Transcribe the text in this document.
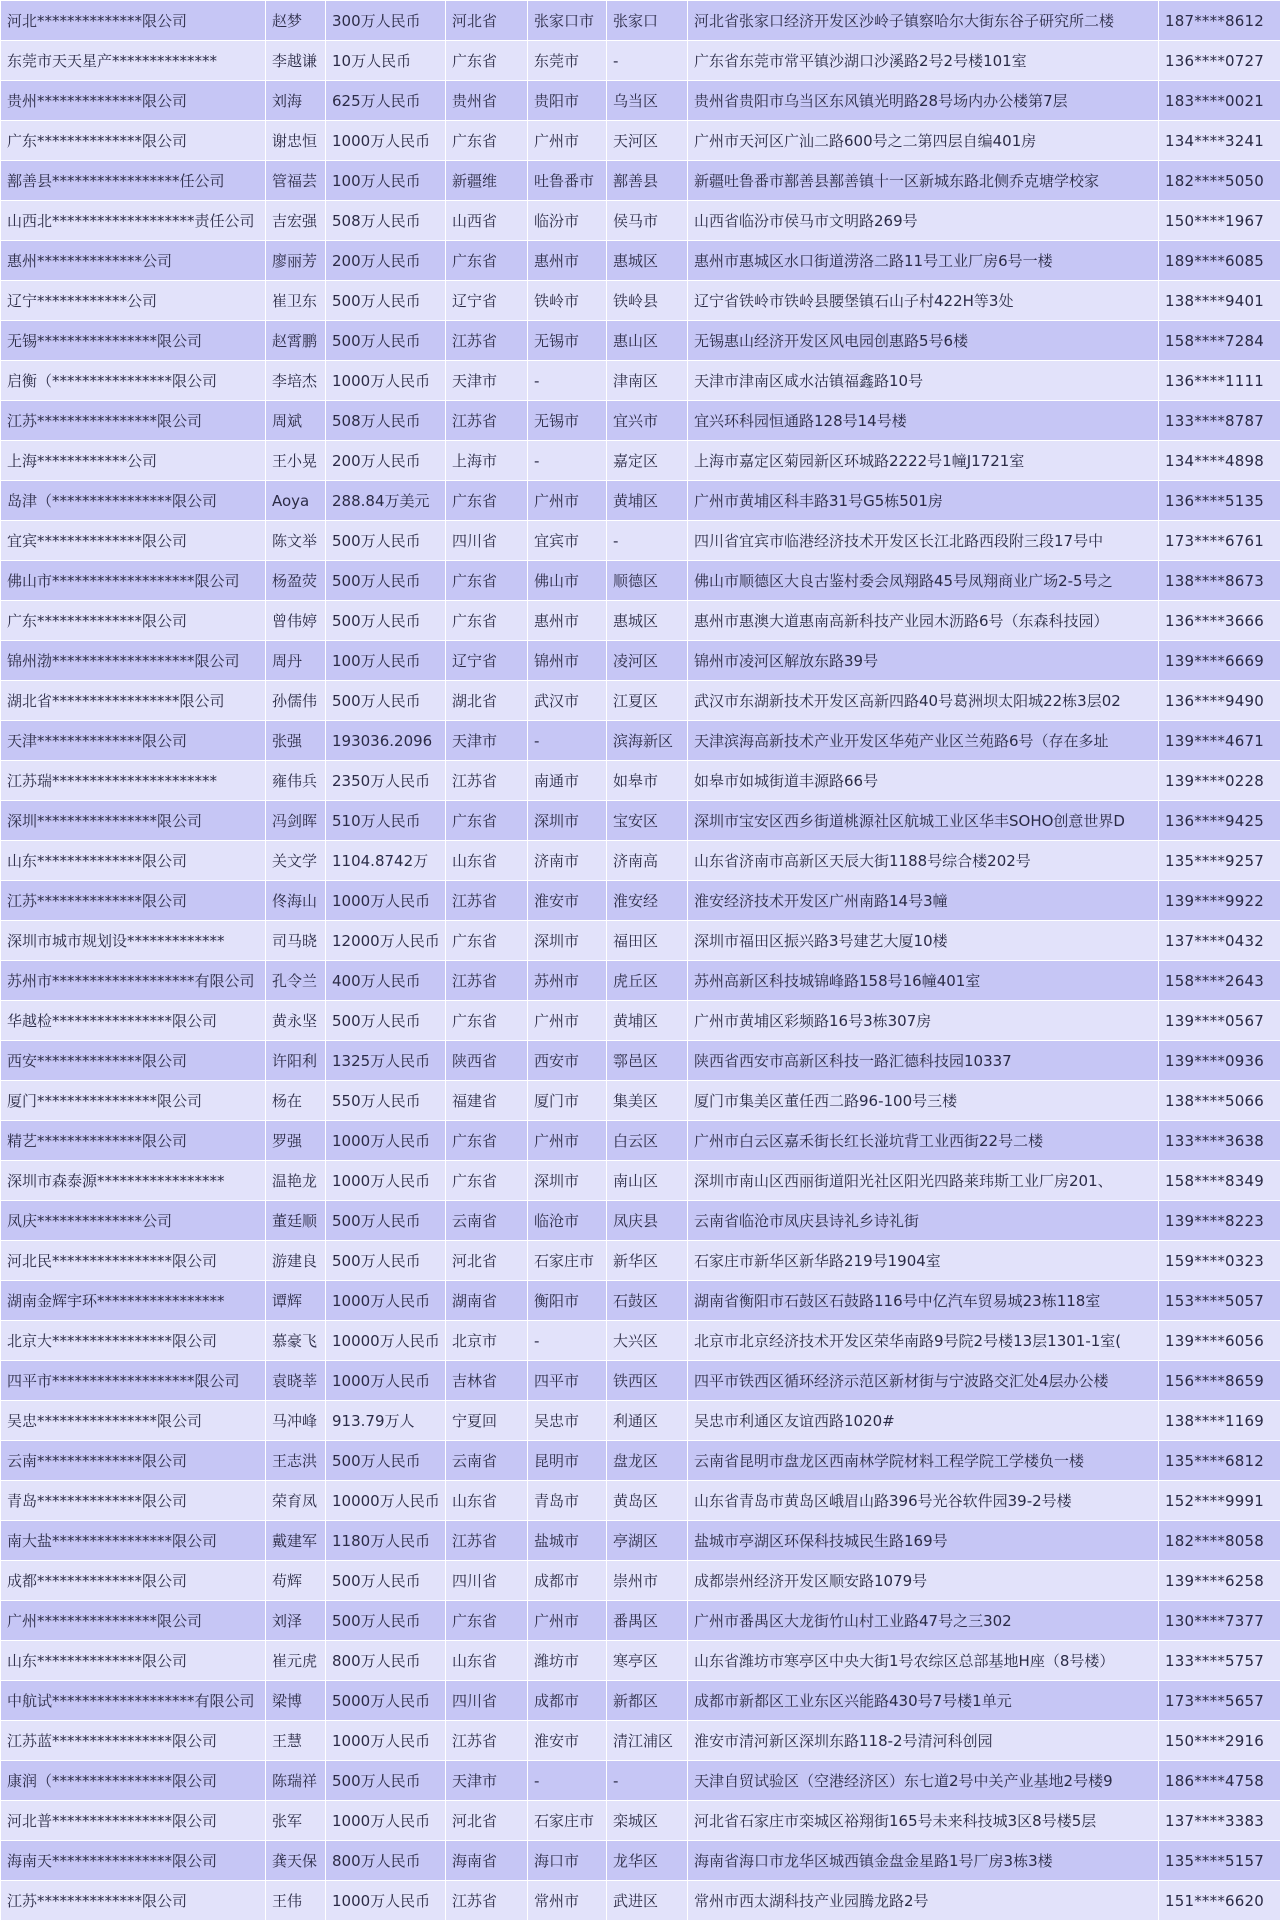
河北**************限公司	赵梦	300万人民币	河北省	张家口市	张家口	河北省张家口经济开发区沙岭子镇察哈尔大街东谷子研究所二楼	187****8612
东莞市天天星产**************	李越谦	10万人民币	广东省	东莞市	-	广东省东莞市常平镇沙湖口沙溪路2号2号楼101室	136****0727
贵州**************限公司	刘海	625万人民币	贵州省	贵阳市	乌当区	贵州省贵阳市乌当区东风镇光明路28号场内办公楼第7层	183****0021
广东**************限公司	谢忠恒	1000万人民币	广东省	广州市	天河区	广州市天河区广汕二路600号之二第四层自编401房	134****3241
鄯善县*****************任公司	管福芸	100万人民币	新疆维	吐鲁番市	鄯善县	新疆吐鲁番市鄯善县鄯善镇十一区新城东路北侧乔克塘学校家	182****5050
山西北*******************责任公司	吉宏强	508万人民币	山西省	临汾市	侯马市	山西省临汾市侯马市文明路269号	150****1967
惠州**************公司	廖丽芳	200万人民币	广东省	惠州市	惠城区	惠州市惠城区水口街道涝洛二路11号工业厂房6号一楼	189****6085
辽宁************公司	崔卫东	500万人民币	辽宁省	铁岭市	铁岭县	辽宁省铁岭市铁岭县腰堡镇石山子村422H等3处	138****9401
无锡****************限公司	赵霄鹏	500万人民币	江苏省	无锡市	惠山区	无锡惠山经济开发区风电园创惠路5号6楼	158****7284
启衡（****************限公司	李培杰	1000万人民币	天津市	-	津南区	天津市津南区咸水沽镇福鑫路10号	136****1111
江苏****************限公司	周斌	508万人民币	江苏省	无锡市	宜兴市	宜兴环科园恒通路128号14号楼	133****8787
上海************公司	王小晃	200万人民币	上海市	-	嘉定区	上海市嘉定区菊园新区环城路2222号1幢J1721室	134****4898
岛津（****************限公司	Aoya	288.84万美元	广东省	广州市	黄埔区	广州市黄埔区科丰路31号G5栋501房	136****5135
宜宾**************限公司	陈文举	500万人民币	四川省	宜宾市	-	四川省宜宾市临港经济技术开发区长江北路西段附三段17号中	173****6761
佛山市*******************限公司	杨盈荧	500万人民币	广东省	佛山市	顺德区	佛山市顺德区大良古鉴村委会凤翔路45号凤翔商业广场2-5号之	138****8673
广东**************限公司	曾伟婷	500万人民币	广东省	惠州市	惠城区	惠州市惠澳大道惠南高新科技产业园木沥路6号（东森科技园）	136****3666
锦州渤*******************限公司	周丹	100万人民币	辽宁省	锦州市	凌河区	锦州市凌河区解放东路39号	139****6669
湖北省*****************限公司	孙儒伟	500万人民币	湖北省	武汉市	江夏区	武汉市东湖新技术开发区高新四路40号葛洲坝太阳城22栋3层02	136****9490
天津**************限公司	张强	193036.2096	天津市	-	滨海新区	天津滨海高新技术产业开发区华苑产业区兰苑路6号（存在多址	139****4671
江苏瑞**********************	雍伟兵	2350万人民币	江苏省	南通市	如皋市	如皋市如城街道丰源路66号	139****0228
深圳****************限公司	冯剑晖	510万人民币	广东省	深圳市	宝安区	深圳市宝安区西乡街道桃源社区航城工业区华丰SOHO创意世界D	136****9425
山东**************限公司	关文学	1104.8742万	山东省	济南市	济南高	山东省济南市高新区天辰大街1188号综合楼202号	135****9257
江苏**************限公司	佟海山	1000万人民币	江苏省	淮安市	淮安经	淮安经济技术开发区广州南路14号3幢	139****9922
深圳市城市规划设*************	司马晓	12000万人民币	广东省	深圳市	福田区	深圳市福田区振兴路3号建艺大厦10楼	137****0432
苏州市*******************有限公司	孔令兰	400万人民币	江苏省	苏州市	虎丘区	苏州高新区科技城锦峰路158号16幢401室	158****2643
华越检****************限公司	黄永坚	500万人民币	广东省	广州市	黄埔区	广州市黄埔区彩频路16号3栋307房	139****0567
西安**************限公司	许阳利	1325万人民币	陕西省	西安市	鄠邑区	陕西省西安市高新区科技一路汇德科技园10337	139****0936
厦门****************限公司	杨在	550万人民币	福建省	厦门市	集美区	厦门市集美区董任西二路96-100号三楼	138****5066
精艺**************限公司	罗强	1000万人民币	广东省	广州市	白云区	广州市白云区嘉禾街长红长湴坑背工业西街22号二楼	133****3638
深圳市森泰源*****************	温艳龙	1000万人民币	广东省	深圳市	南山区	深圳市南山区西丽街道阳光社区阳光四路莱玮斯工业厂房201、	158****8349
凤庆**************公司	董廷顺	500万人民币	云南省	临沧市	凤庆县	云南省临沧市凤庆县诗礼乡诗礼街	139****8223
河北民****************限公司	游建良	500万人民币	河北省	石家庄市	新华区	石家庄市新华区新华路219号1904室	159****0323
湖南金辉宇环*****************	谭辉	1000万人民币	湖南省	衡阳市	石鼓区	湖南省衡阳市石鼓区石鼓路116号中亿汽车贸易城23栋118室	153****5057
北京大****************限公司	慕豪飞	10000万人民币	北京市	-	大兴区	北京市北京经济技术开发区荣华南路9号院2号楼13层1301-1室(	139****6056
四平市*******************限公司	袁晓莘	1000万人民币	吉林省	四平市	铁西区	四平市铁西区循环经济示范区新材街与宁波路交汇处4层办公楼	156****8659
吴忠****************限公司	马冲峰	913.79万人	宁夏回	吴忠市	利通区	吴忠市利通区友谊西路1020#	138****1169
云南**************限公司	王志洪	500万人民币	云南省	昆明市	盘龙区	云南省昆明市盘龙区西南林学院材料工程学院工学楼负一楼	135****6812
青岛**************限公司	荣育凤	10000万人民币	山东省	青岛市	黄岛区	山东省青岛市黄岛区峨眉山路396号光谷软件园39-2号楼	152****9991
南大盐****************限公司	戴建军	1180万人民币	江苏省	盐城市	亭湖区	盐城市亭湖区环保科技城民生路169号	182****8058
成都**************限公司	苟辉	500万人民币	四川省	成都市	崇州市	成都崇州经济开发区顺安路1079号	139****6258
广州****************限公司	刘泽	500万人民币	广东省	广州市	番禺区	广州市番禺区大龙街竹山村工业路47号之三302	130****7377
山东**************限公司	崔元虎	800万人民币	山东省	潍坊市	寒亭区	山东省潍坊市寒亭区中央大街1号农综区总部基地H座（8号楼）	133****5757
中航试*******************有限公司	梁博	5000万人民币	四川省	成都市	新都区	成都市新都区工业东区兴能路430号7号楼1单元	173****5657
江苏蓝****************限公司	王慧	1000万人民币	江苏省	淮安市	清江浦区	淮安市清河新区深圳东路118-2号清河科创园	150****2916
康润（****************限公司	陈瑞祥	500万人民币	天津市	-	-	天津自贸试验区（空港经济区）东七道2号中关产业基地2号楼9	186****4758
河北普****************限公司	张军	1000万人民币	河北省	石家庄市	栾城区	河北省石家庄市栾城区裕翔街165号未来科技城3区8号楼5层	137****3383
海南天****************限公司	龚天保	800万人民币	海南省	海口市	龙华区	海南省海口市龙华区城西镇金盘金星路1号厂房3栋3楼	135****5157
江苏**************限公司	王伟	1000万人民币	江苏省	常州市	武进区	常州市西太湖科技产业园腾龙路2号	151****6620
